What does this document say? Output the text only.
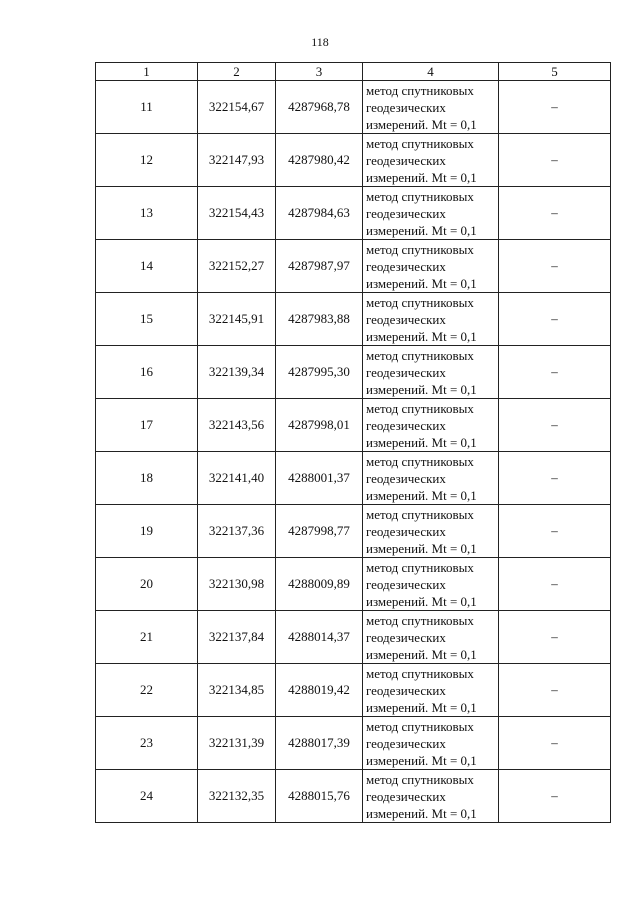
118
1	2	3	4	5
11	322154,67	4287968,78	метод спутниковых
геодезических
измерений. Mt = 0,1	–
12	322147,93	4287980,42	метод спутниковых
геодезических
измерений. Mt = 0,1	–
13	322154,43	4287984,63	метод спутниковых
геодезических
измерений. Mt = 0,1	–
14	322152,27	4287987,97	метод спутниковых
геодезических
измерений. Mt = 0,1	–
15	322145,91	4287983,88	метод спутниковых
геодезических
измерений. Mt = 0,1	–
16	322139,34	4287995,30	метод спутниковых
геодезических
измерений. Mt = 0,1	–
17	322143,56	4287998,01	метод спутниковых
геодезических
измерений. Mt = 0,1	–
18	322141,40	4288001,37	метод спутниковых
геодезических
измерений. Mt = 0,1	–
19	322137,36	4287998,77	метод спутниковых
геодезических
измерений. Mt = 0,1	–
20	322130,98	4288009,89	метод спутниковых
геодезических
измерений. Mt = 0,1	–
21	322137,84	4288014,37	метод спутниковых
геодезических
измерений. Mt = 0,1	–
22	322134,85	4288019,42	метод спутниковых
геодезических
измерений. Mt = 0,1	–
23	322131,39	4288017,39	метод спутниковых
геодезических
измерений. Mt = 0,1	–
24	322132,35	4288015,76	метод спутниковых
геодезических
измерений. Mt = 0,1	–
